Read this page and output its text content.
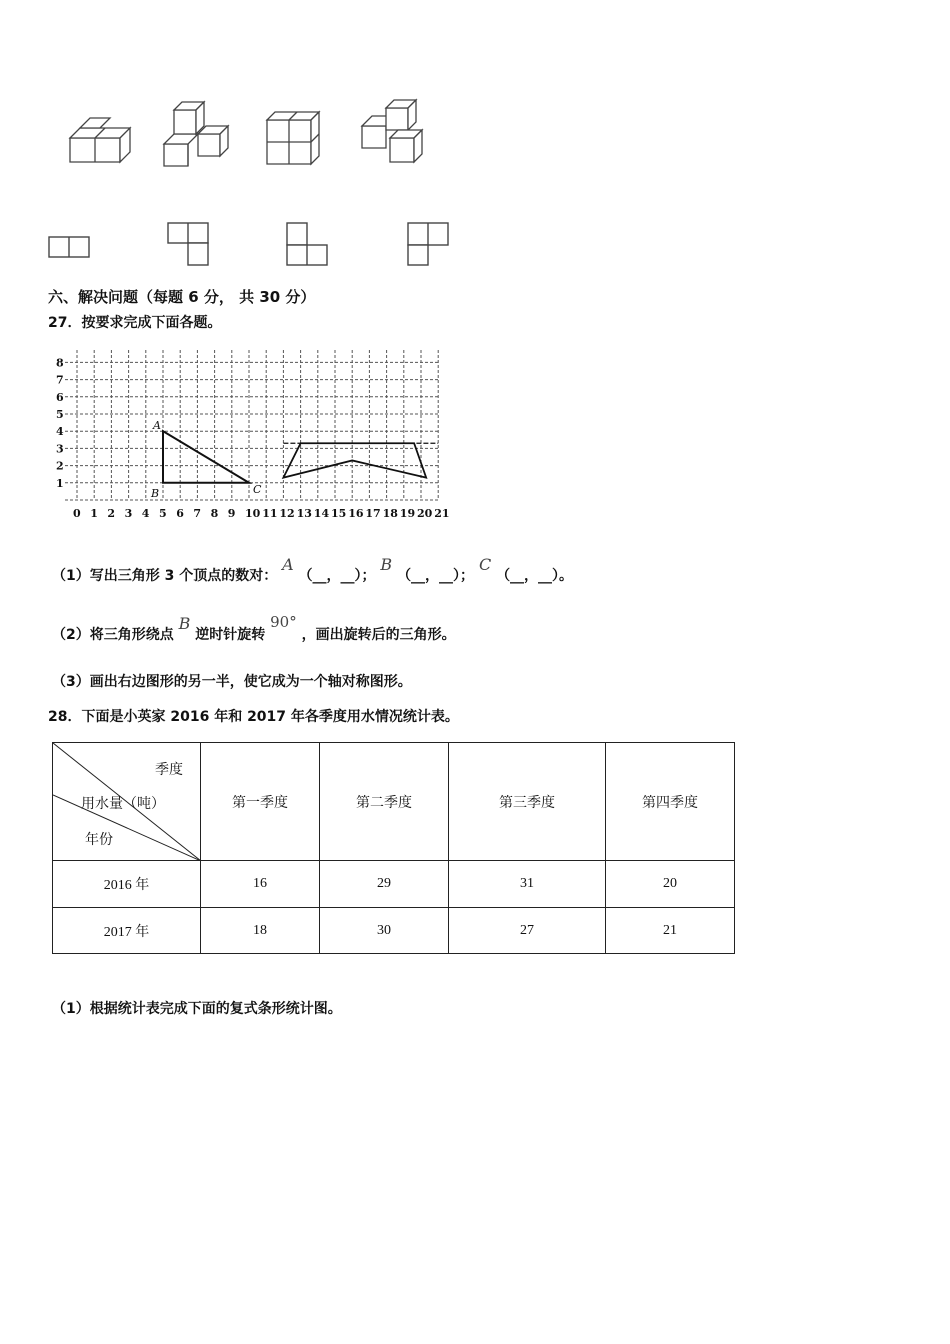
六、解决问题（每题 6 分， 共 30 分）
27．按要求完成下面各题。
0 1 2 3 4 5 6 7 8 9 10 11 12 13 14 15 16 17 18 19 20 21
1
2
3
4
5
6
7
8
A
B	C
（1）写出三角形 3 个顶点的数对： A （__，__）； B （__，__）； C （__，__）。
（2）将三角形绕点 B 逆时针旋转 90° ，画出旋转后的三角形。
（3）画出右边图形的另一半，使它成为一个轴对称图形。
28．下面是小英家 2016 年和 2017 年各季度用水情况统计表。
季度
用水量（吨）
年份	第一季度	第二季度	第三季度	第四季度
2016 年	16	29	31	20
2017 年	18	30	27	21
（1）根据统计表完成下面的复式条形统计图。
